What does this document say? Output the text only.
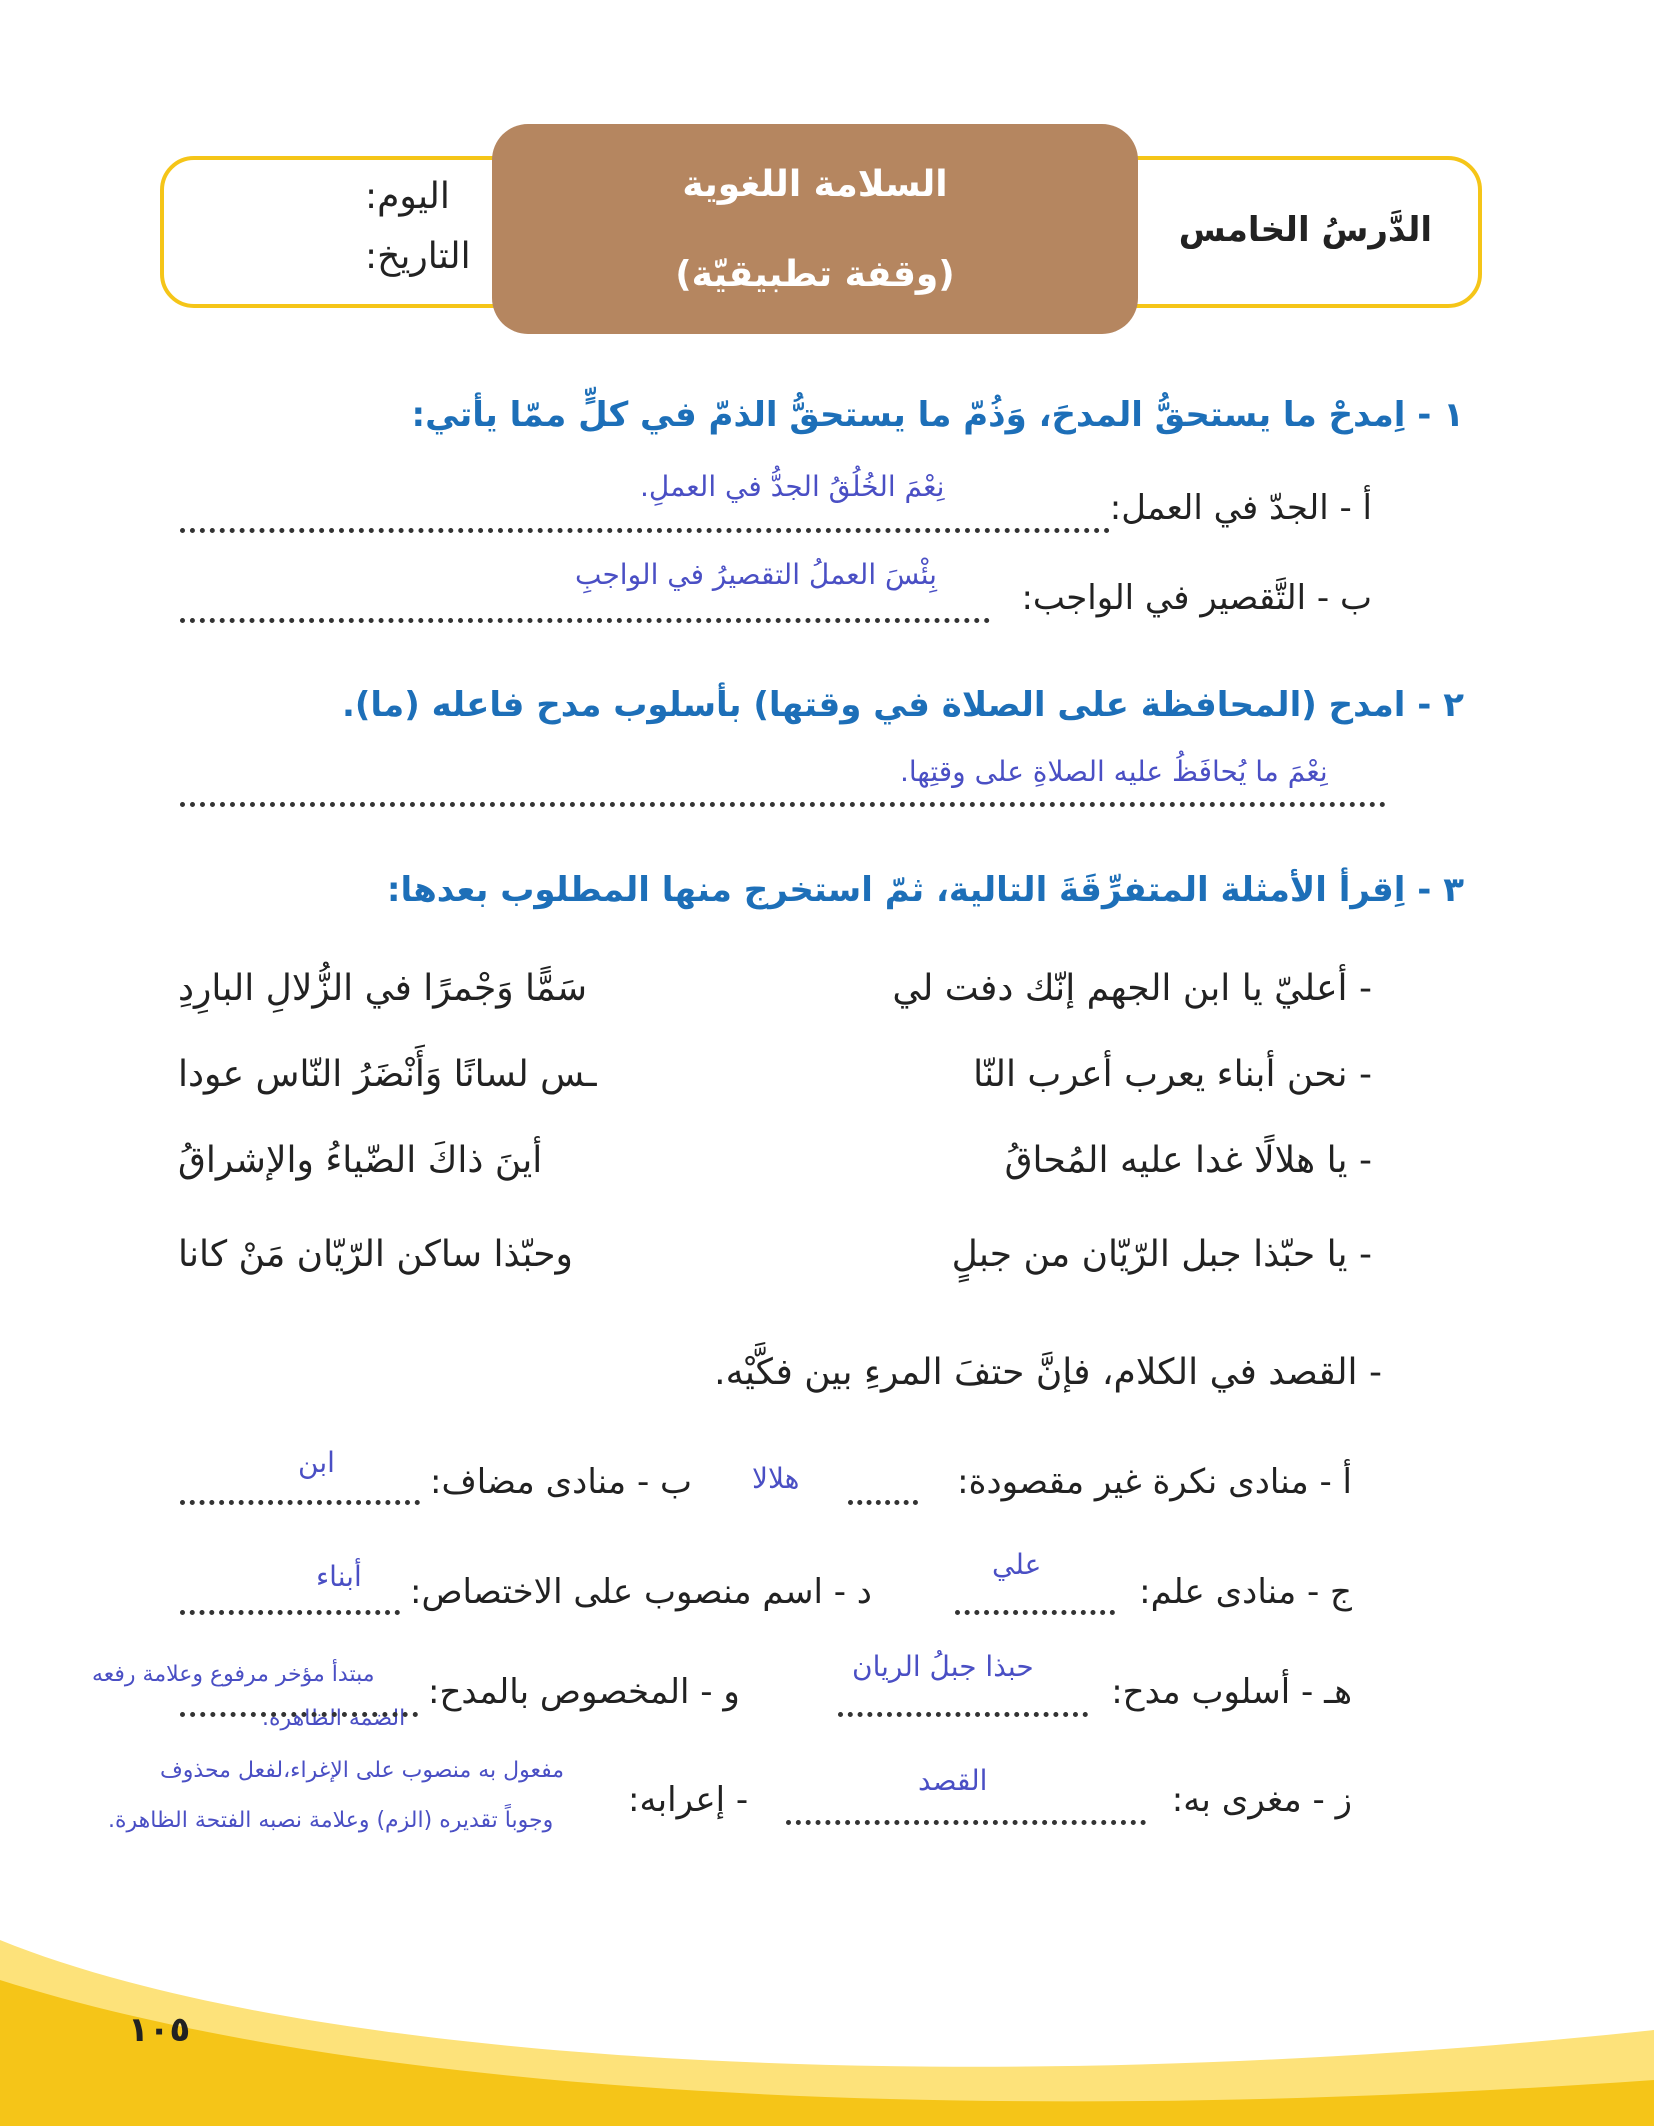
الدَّرسُ الخامس
اليوم:
التاريخ:
السلامة اللغوية
(وقفة تطبيقيّة)
١ - اِمدحْ ما يستحقُّ المدحَ، وَذُمّ ما يستحقُّ الذمّ في كلٍّ ممّا يأتي:
نِعْمَ الخُلُقُ الجدُّ في العملِ.
أ - الجدّ في العمل:
بِئْسَ العملُ التقصيرُ في الواجبِ
ب - التَّقصير في الواجب:
٢ - امدح (المحافظة على الصلاة في وقتها) بأسلوب مدح فاعله (ما).
نِعْمَ ما يُحافَظُ عليه الصلاةِ على وقتِها.
٣ - اِقرأ الأمثلة المتفرِّقَةَ التالية، ثمّ استخرج منها المطلوب بعدها:
- أعليّ يا ابن الجهم إنّك دفت لي
سَمًّا وَجْمرًا في الزُّلالِ البارِدِ
- نحن أبناء يعرب أعرب النّا
ـس لسانًا وَأَنْضَرُ النّاس عودا
- يا هلالًا غدا عليه المُحاقُ
أينَ ذاكَ الضّياءُ والإشراقُ
- يا حبّذا جبل الرّيّان من جبلٍ
وحبّذا ساكن الرّيّان مَنْ كانا
- القصد في الكلام، فإنَّ حتفَ المرءِ بين فكَّيْه.
أ - منادى نكرة غير مقصودة:
هلالا
ب - منادى مضاف:
ابن
ج - منادى علم:
علي
د - اسم منصوب على الاختصاص:
أبناء
هـ - أسلوب مدح:
حبذا جبلُ الريان
و - المخصوص بالمدح:
مبتدأ مؤخر مرفوع وعلامة رفعه
الضمة الظاهرة.
ز - مغرى به:
القصد
- إعرابه:
مفعول به منصوب على الإغراء،لفعل محذوف
وجوباً تقديره (الزم) وعلامة نصبه الفتحة الظاهرة.
١٠٥
